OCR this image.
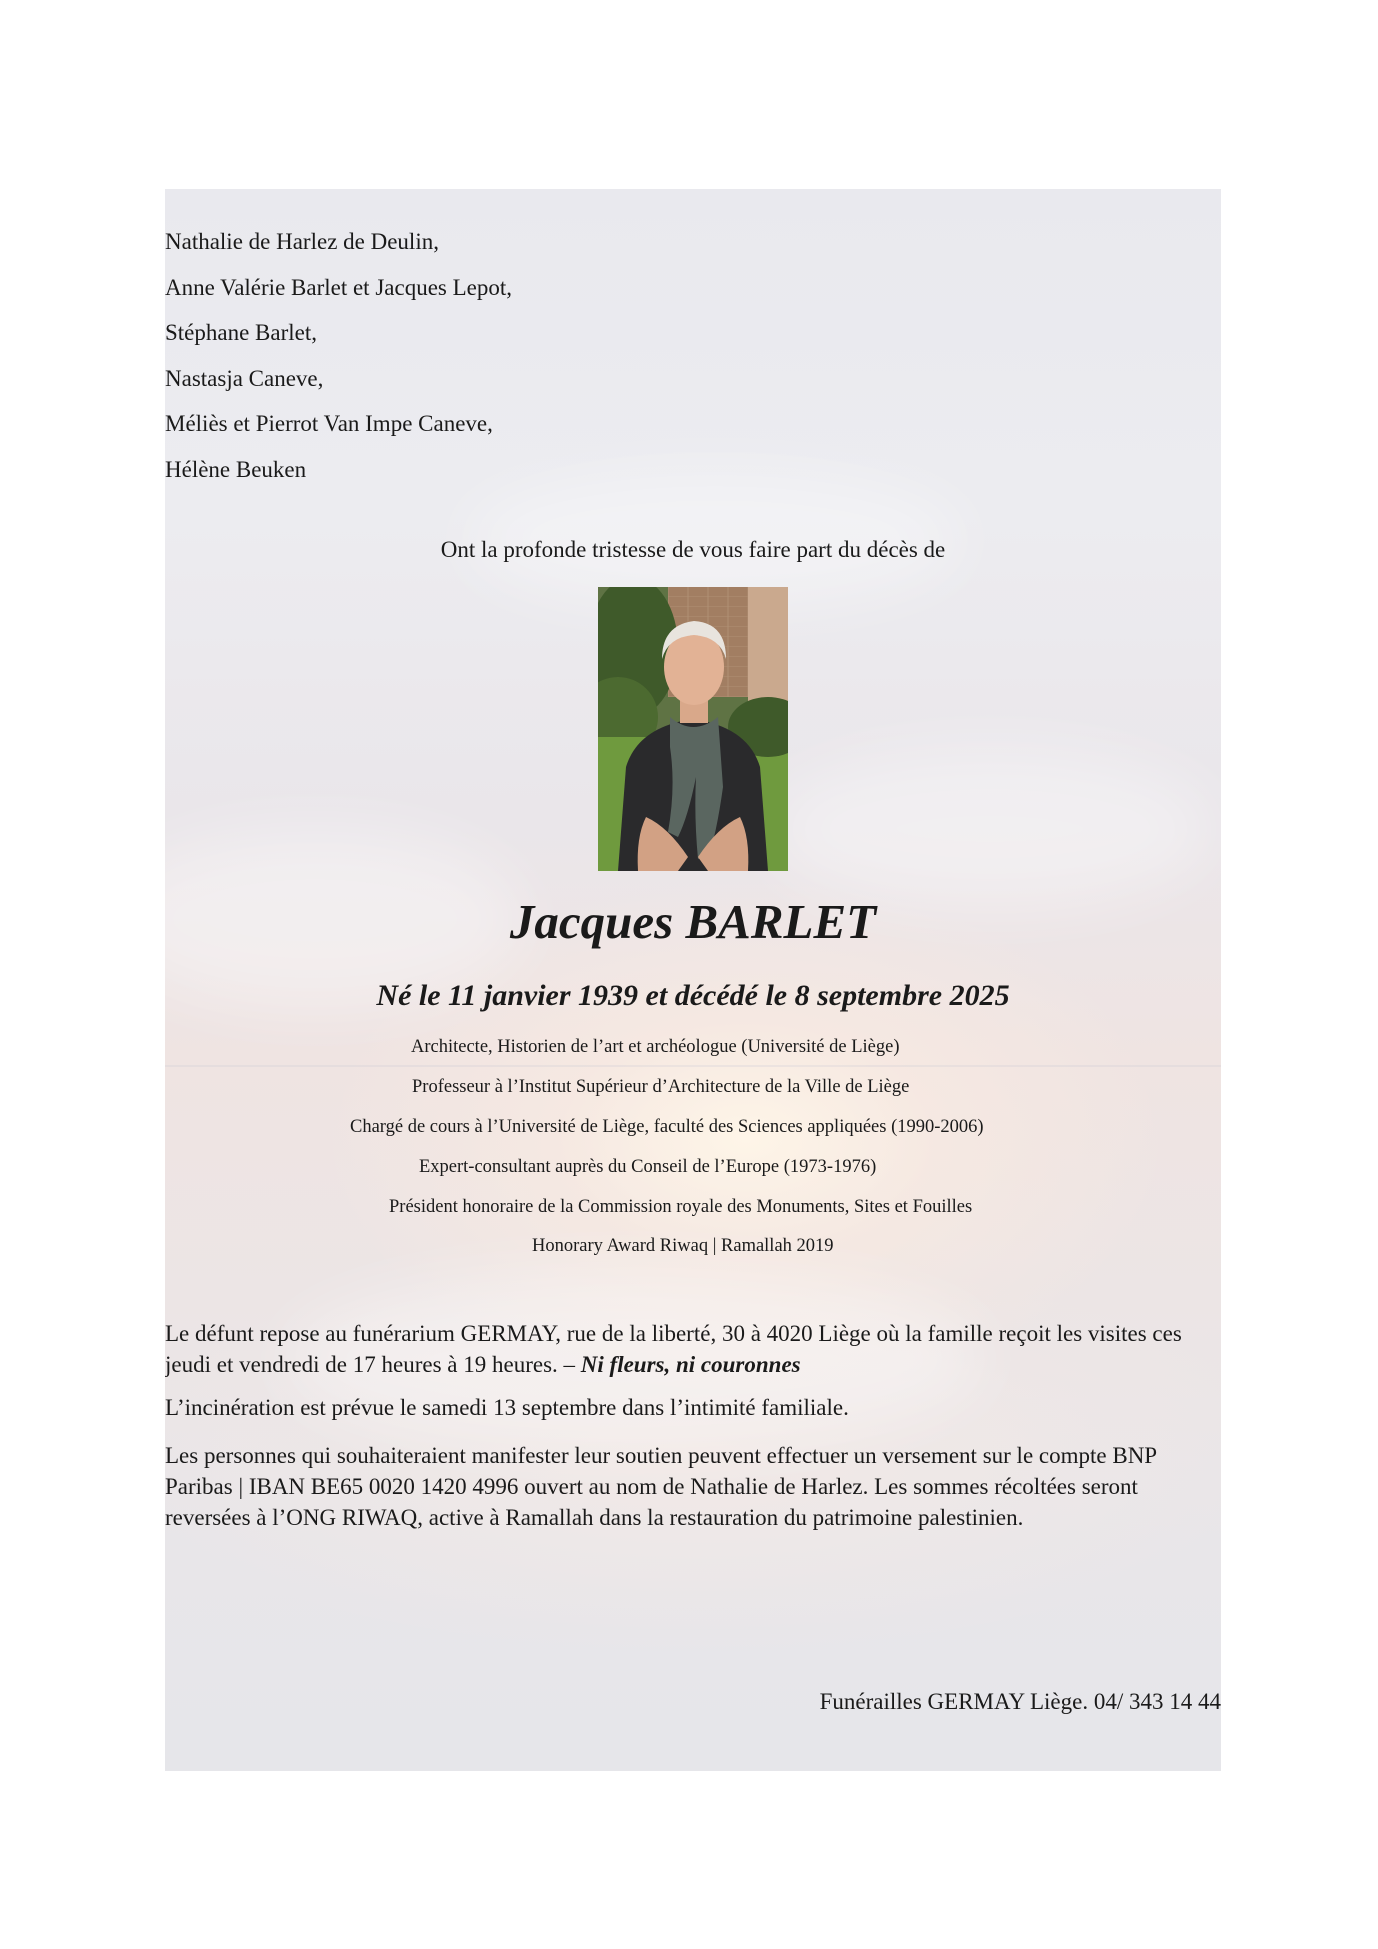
Nathalie de Harlez de Deulin,
Anne Valérie Barlet et Jacques Lepot,
Stéphane Barlet,
Nastasja Caneve,
Méliès et Pierrot Van Impe Caneve,
Hélène Beuken
Ont la profonde tristesse de vous faire part du décès de
Jacques BARLET
Né le 11 janvier 1939 et décédé le 8 septembre 2025
Architecte, Historien de l’art et archéologue (Université de Liège)
Professeur à l’Institut Supérieur d’Architecture de la Ville de Liège
Chargé de cours à l’Université de Liège, faculté des Sciences appliquées (1990-2006)
Expert-consultant auprès du Conseil de l’Europe (1973-1976)
Président honoraire de la Commission royale des Monuments, Sites et Fouilles
Honorary Award Riwaq | Ramallah 2019
Le défunt repose au funérarium GERMAY, rue de la liberté, 30 à 4020 Liège où la famille reçoit les visites ces jeudi et vendredi de 17 heures à 19 heures. – Ni fleurs, ni couronnes
L’incinération est prévue le samedi 13 septembre dans l’intimité familiale.
Les personnes qui souhaiteraient manifester leur soutien peuvent effectuer un versement sur le compte BNP Paribas | IBAN BE65 0020 1420 4996 ouvert au nom de Nathalie de Harlez. Les sommes récoltées seront reversées à l’ONG RIWAQ, active à Ramallah dans la restauration du patrimoine palestinien.
Funérailles GERMAY Liège. 04/ 343 14 44
